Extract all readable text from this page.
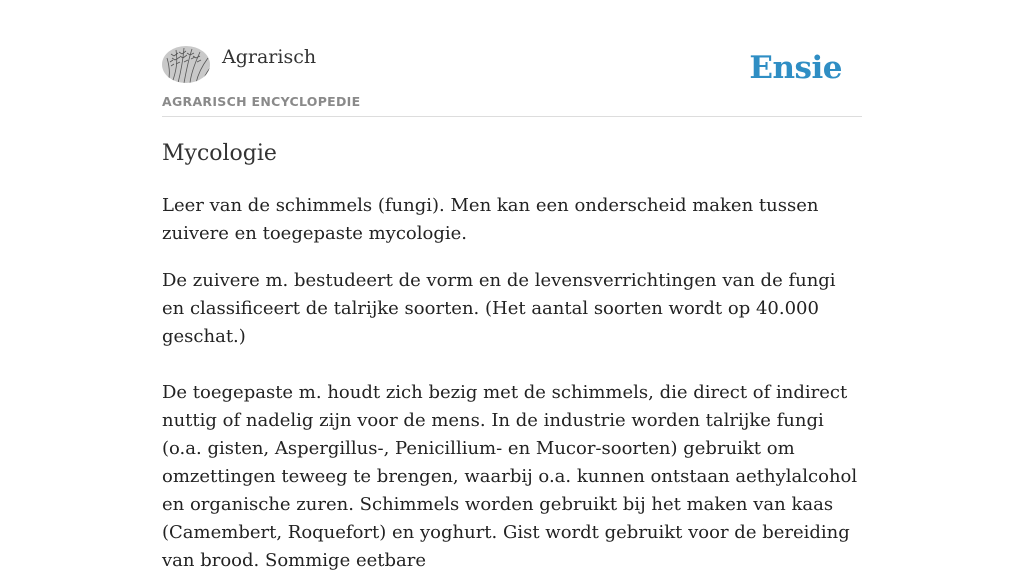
Agrarisch
AGRARISCH ENCYCLOPEDIE
Ensie
Mycologie

Leer van de schimmels (fungi). Men kan een onderscheid maken tussen zuivere en toegepaste mycologie.

De zuivere m. bestudeert de vorm en de levensverrichtingen van de fungi en classificeert de talrijke soorten. (Het aantal soorten wordt op 40.000 geschat.)

De toegepaste m. houdt zich bezig met de schimmels, die direct of indirect nuttig of nadelig zijn voor de mens. In de industrie worden talrijke fungi (o.a. gisten, Aspergillus-, Penicillium- en Mucor-soorten) gebruikt om omzettingen teweeg te brengen, waarbij o.a. kunnen ontstaan aethylalcohol en organische zuren. Schimmels worden gebruikt bij het maken van kaas (Camembert, Roquefort) en yoghurt. Gist wordt gebruikt voor de bereiding van brood. Sommige eetbare
